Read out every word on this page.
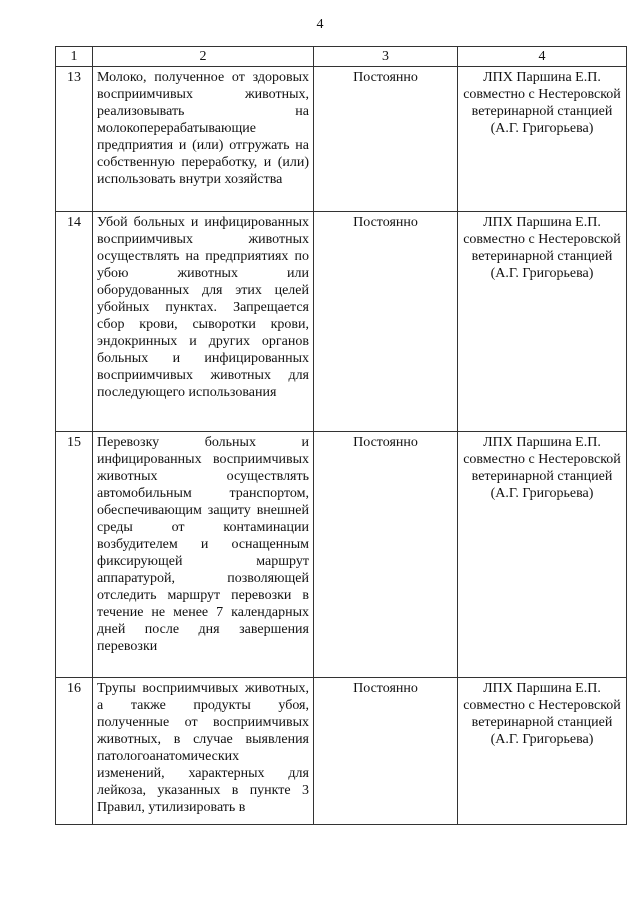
4
1	2	3	4
13	Молоко, полученное от здоровых восприимчивых животных, реализовывать на молокоперерабатывающие предприятия и (или) отгружать на собственную переработку, и (или) использовать внутри хозяйства	Постоянно	ЛПХ Паршина Е.П. совместно с Нестеровской ветеринарной станцией (А.Г. Григорьева)
14	Убой больных и инфицированных восприимчивых животных осуществлять на предприятиях по убою животных или оборудованных для этих целей убойных пунктах. Запрещается сбор крови, сыворотки крови, эндокринных и других органов больных и инфицированных восприимчивых животных для последующего использования	Постоянно	ЛПХ Паршина Е.П. совместно с Нестеровской ветеринарной станцией (А.Г. Григорьева)
15	Перевозку больных и инфицированных восприимчивых животных осуществлять автомобильным транспортом, обеспечивающим защиту внешней среды от контаминации возбудителем и оснащенным фиксирующей маршрут аппаратурой, позволяющей отследить маршрут перевозки в течение не менее 7 календарных дней после дня завершения перевозки	Постоянно	ЛПХ Паршина Е.П. совместно с Нестеровской ветеринарной станцией (А.Г. Григорьева)
16	Трупы восприимчивых животных, а также продукты убоя, полученные от восприимчивых животных, в случае выявления патологоанатомических изменений, характерных для лейкоза, указанных в пункте 3 Правил, утилизировать в	Постоянно	ЛПХ Паршина Е.П. совместно с Нестеровской ветеринарной станцией (А.Г. Григорьева)
